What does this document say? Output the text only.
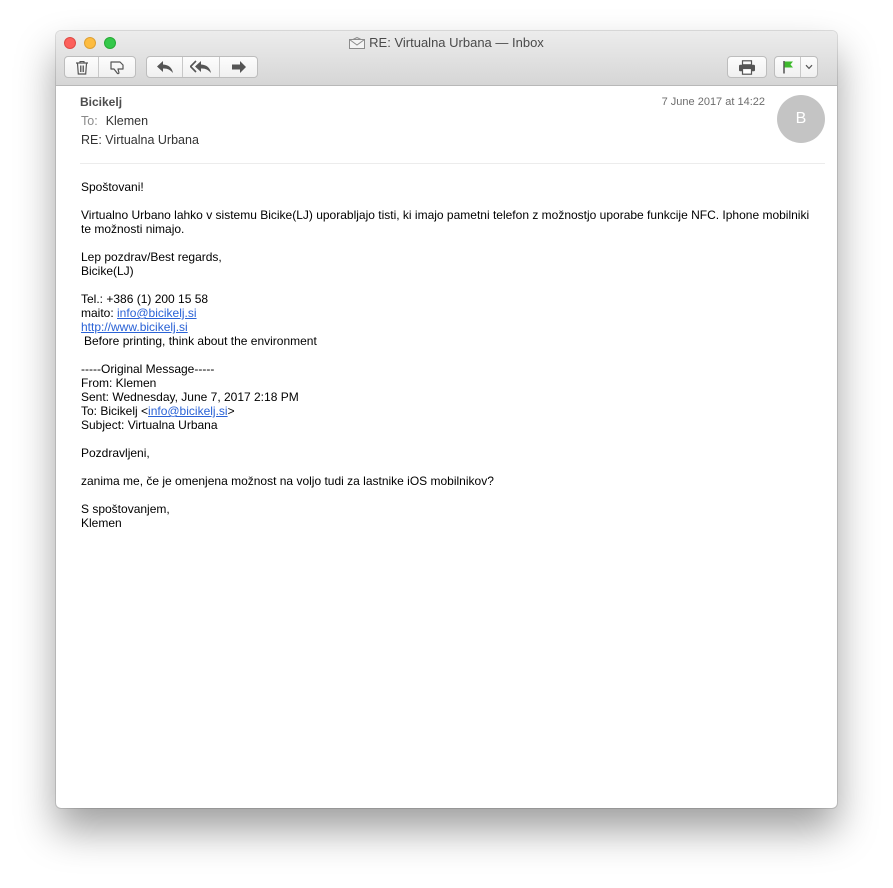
RE: Virtualna Urbana — Inbox
Bicikelj
To: Klemen
RE: Virtualna Urbana
7 June 2017 at 14:22
B

Spoštovani!

Virtualno Urbano lahko v sistemu Bicike(LJ) uporabljajo tisti, ki imajo pametni telefon z možnostjo uporabe funkcije NFC. Iphone mobilniki
te možnosti nimajo.

Lep pozdrav/Best regards,
Bicike(LJ)

Tel.: +386 (1) 200 15 58
maito: info@bicikelj.si
http://www.bicikelj.si
Before printing, think about the environment

-----Original Message-----
From: Klemen
Sent: Wednesday, June 7, 2017 2:18 PM
To: Bicikelj <info@bicikelj.si>
Subject: Virtualna Urbana

Pozdravljeni,

zanima me, če je omenjena možnost na voljo tudi za lastnike iOS mobilnikov?

S spoštovanjem,
Klemen
